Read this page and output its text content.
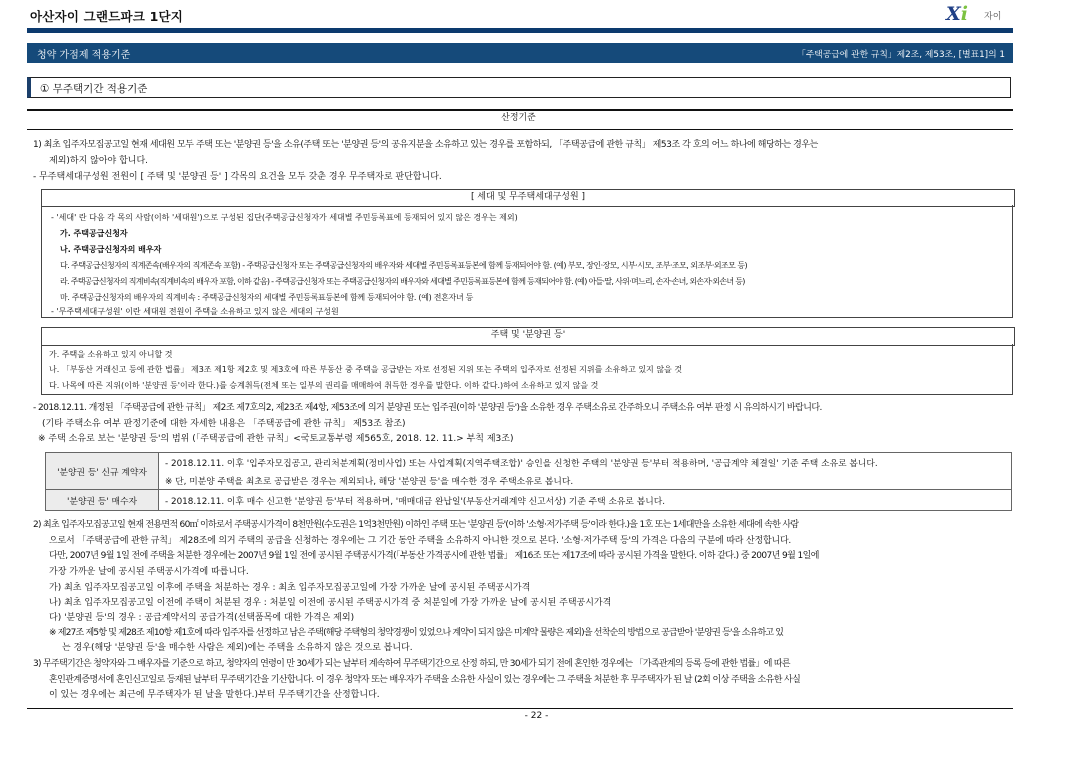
아산자이 그랜드파크 1단지	Xi 자이
청약 가점제 적용기준	「주택공급에 관한 규칙」제2조, 제53조, [별표1]의 1
① 무주택기간 적용기준
산정기준
1) 최초 입주자모집공고일 현재 세대원 모두 주택 또는 '분양권 등'을 소유(주택 또는 '분양권 등'의 공유지분을 소유하고 있는 경우를 포함하되, 「주택공급에 관한 규칙」 제53조 각 호의 어느 하나에 해당하는 경우는
제외)하지 않아야 합니다.
- 무주택세대구성원 전원이 [ 주택 및 '분양권 등' ] 각목의 요건을 모두 갖춘 경우 무주택자로 판단합니다.
[ 세대 및 무주택세대구성원 ]
- '세대' 란 다음 각 목의 사람(이하 '세대원')으로 구성된 집단(주택공급신청자가 세대별 주민등록표에 등재되어 있지 않은 경우는 제외)
가. 주택공급신청자
나. 주택공급신청자의 배우자
다. 주택공급신청자의 직계존속(배우자의 직계존속 포함) - 주택공급신청자 또는 주택공급신청자의 배우자와 세대별 주민등록표등본에 함께 등재되어야 함. (예) 부모, 장인·장모, 시부·시모, 조부·조모, 외조부·외조모 등)
라. 주택공급신청자의 직계비속(직계비속의 배우자 포함, 이하 같음) - 주택공급신청자 또는 주택공급신청자의 배우자와 세대별 주민등록표등본에 함께 등재되어야 함. (예) 아들·딸, 사위·며느리, 손자·손녀, 외손자·외손녀 등)
마. 주택공급신청자의 배우자의 직계비속 : 주택공급신청자의 세대별 주민등록표등본에 함께 등재되어야 함. (예) 전혼자녀 등
- '무주택세대구성원' 이란 세대원 전원이 주택을 소유하고 있지 않은 세대의 구성원
주택 및 '분양권 등'
가. 주택을 소유하고 있지 아니할 것
나. 「부동산 거래신고 등에 관한 법률」 제3조 제1항 제2호 및 제3호에 따른 부동산 중 주택을 공급받는 자로 선정된 지위 또는 주택의 입주자로 선정된 지위를 소유하고 있지 않을 것
다. 나목에 따른 지위(이하 '분양권 등'이라 한다.)를 승계취득(전체 또는 일부의 권리를 매매하여 취득한 경우를 말한다. 이하 같다.)하여 소유하고 있지 않을 것
- 2018.12.11. 개정된 「주택공급에 관한 규칙」 제2조 제7호의2, 제23조 제4항, 제53조에 의거 분양권 또는 입주권(이하 '분양권 등')을 소유한 경우 주택소유로 간주하오니 주택소유 여부 판정 시 유의하시기 바랍니다.
(기타 주택소유 여부 판정기준에 대한 자세한 내용은 「주택공급에 관한 규칙」 제53조 참조)
※ 주택 소유로 보는 '분양권 등'의 범위 (「주택공급에 관한 규칙」<국토교통부령 제565호, 2018. 12. 11.> 부칙 제3조)
'분양권 등' 신규 계약자	- 2018.12.11. 이후 '입주자모집공고, 관리처분계획(정비사업) 또는 사업계획(지역주택조합)' 승인을 신청한 주택의 '분양권 등'부터 적용하며, '공급계약 체결일' 기준 주택 소유로 봅니다.
	※ 단, 미분양 주택을 최초로 공급받은 경우는 제외되나, 해당 '분양권 등'을 매수한 경우 주택소유로 봅니다.
'분양권 등' 매수자	- 2018.12.11. 이후 매수 신고한 '분양권 등'부터 적용하며, '매매대금 완납일'(부동산거래계약 신고서상) 기준 주택 소유로 봅니다.
2) 최초 입주자모집공고일 현재 전용면적 60㎡ 이하로서 주택공시가격이 8천만원(수도권은 1억3천만원) 이하인 주택 또는 '분양권 등'(이하 '소형·저가주택 등'이라 한다.)을 1호 또는 1세대만을 소유한 세대에 속한 사람
으로서 「주택공급에 관한 규칙」 제28조에 의거 주택의 공급을 신청하는 경우에는 그 기간 동안 주택을 소유하지 아니한 것으로 본다. '소형·저가주택 등'의 가격은 다음의 구분에 따라 산정합니다.
다만, 2007년 9월 1일 전에 주택을 처분한 경우에는 2007년 9월 1일 전에 공시된 주택공시가격(「부동산 가격공시에 관한 법률」 제16조 또는 제17조에 따라 공시된 가격을 말한다. 이하 같다.) 중 2007년 9월 1일에
가장 가까운 날에 공시된 주택공시가격에 따릅니다.
가) 최초 입주자모집공고일 이후에 주택을 처분하는 경우 : 최초 입주자모집공고일에 가장 가까운 날에 공시된 주택공시가격
나) 최초 입주자모집공고일 이전에 주택이 처분된 경우 : 처분일 이전에 공시된 주택공시가격 중 처분일에 가장 가까운 날에 공시된 주택공시가격
다) '분양권 등'의 경우 : 공급계약서의 공급가격(선택품목에 대한 가격은 제외)
※ 제27조 제5항 및 제28조 제10항 제1호에 따라 입주자를 선정하고 남은 주택(해당 주택형의 청약경쟁이 있었으나 계약이 되지 않은 미계약 물량은 제외)을 선착순의 방법으로 공급받아 '분양권 등'을 소유하고 있
는 경우(해당 '분양권 등'을 매수한 사람은 제외)에는 주택을 소유하지 않은 것으로 봅니다.
3) 무주택기간은 청약자와 그 배우자를 기준으로 하고, 청약자의 연령이 만 30세가 되는 날부터 계속하여 무주택기간으로 산정 하되, 만 30세가 되기 전에 혼인한 경우에는 「가족관계의 등록 등에 관한 법률」에 따른
혼인관계증명서에 혼인신고일로 등재된 날부터 무주택기간을 기산합니다. 이 경우 청약자 또는 배우자가 주택을 소유한 사실이 있는 경우에는 그 주택을 처분한 후 무주택자가 된 날 (2회 이상 주택을 소유한 사실
이 있는 경우에는 최근에 무주택자가 된 날을 말한다.)부터 무주택기간을 산정합니다.
- 22 -
